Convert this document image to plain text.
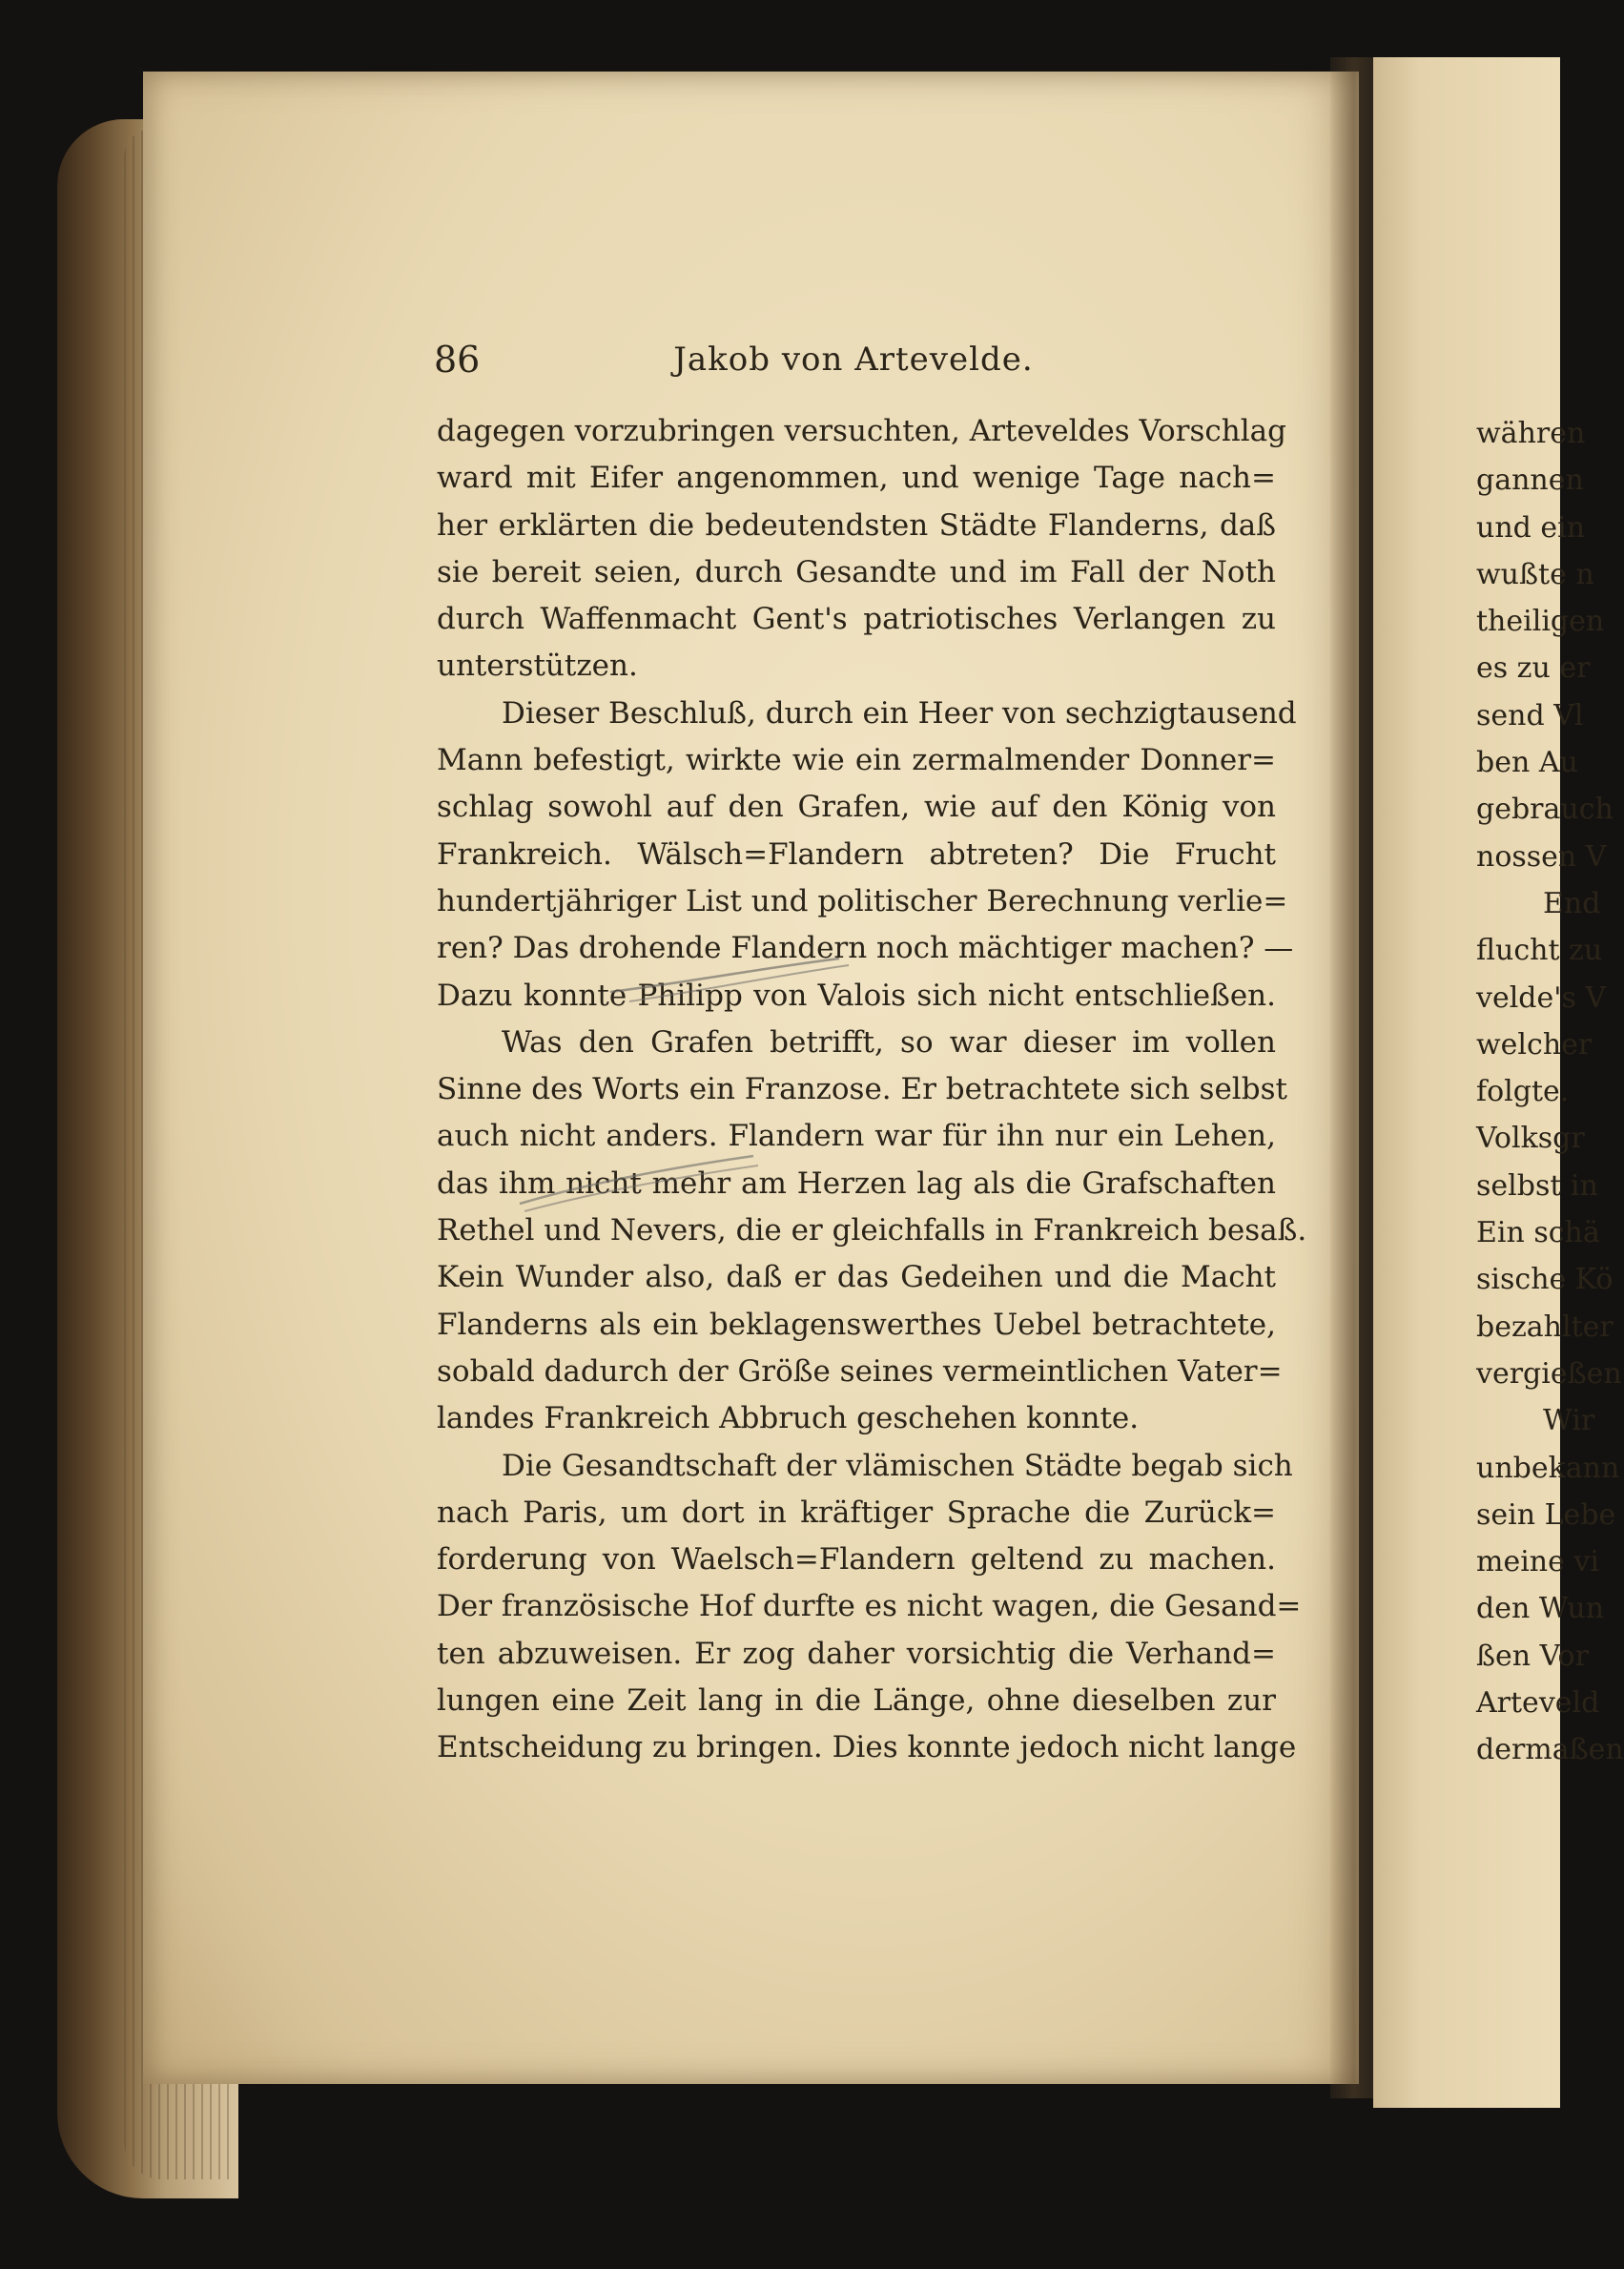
86	Jakob von Artevelde.
dagegen vorzubringen versuchten, Arteveldes Vorschlag
ward mit Eifer angenommen, und wenige Tage nach=
her erklärten die bedeutendsten Städte Flanderns, daß
sie bereit seien, durch Gesandte und im Fall der Noth
durch Waffenmacht Gent's patriotisches Verlangen zu
unterstützen.
Dieser Beschluß, durch ein Heer von sechzigtausend
Mann befestigt, wirkte wie ein zermalmender Donner=
schlag sowohl auf den Grafen, wie auf den König von
Frankreich. Wälsch=Flandern abtreten? Die Frucht
hundertjähriger List und politischer Berechnung verlie=
ren? Das drohende Flandern noch mächtiger machen? —
Dazu konnte Philipp von Valois sich nicht entschließen.
Was den Grafen betrifft, so war dieser im vollen
Sinne des Worts ein Franzose. Er betrachtete sich selbst
auch nicht anders. Flandern war für ihn nur ein Lehen,
das ihm nicht mehr am Herzen lag als die Grafschaften
Rethel und Nevers, die er gleichfalls in Frankreich besaß.
Kein Wunder also, daß er das Gedeihen und die Macht
Flanderns als ein beklagenswerthes Uebel betrachtete,
sobald dadurch der Größe seines vermeintlichen Vater=
landes Frankreich Abbruch geschehen konnte.
Die Gesandtschaft der vlämischen Städte begab sich
nach Paris, um dort in kräftiger Sprache die Zurück=
forderung von Waelsch=Flandern geltend zu machen.
Der französische Hof durfte es nicht wagen, die Gesand=
ten abzuweisen. Er zog daher vorsichtig die Verhand=
lungen eine Zeit lang in die Länge, ohne dieselben zur
Entscheidung zu bringen. Dies konnte jedoch nicht lange
währen
gannen
und ein
wußte n
theiligen
es zu er
send Vl
ben Au
gebrauch
nossen V
End
flucht zu
velde's V
welcher
folgte.
Volksgr
selbst in
Ein schä
sische Kö
bezahlter
vergießen
Wir
unbekann
sein Lebe
meine vi
den Wun
ßen Vor
Arteveld
dermaßen
